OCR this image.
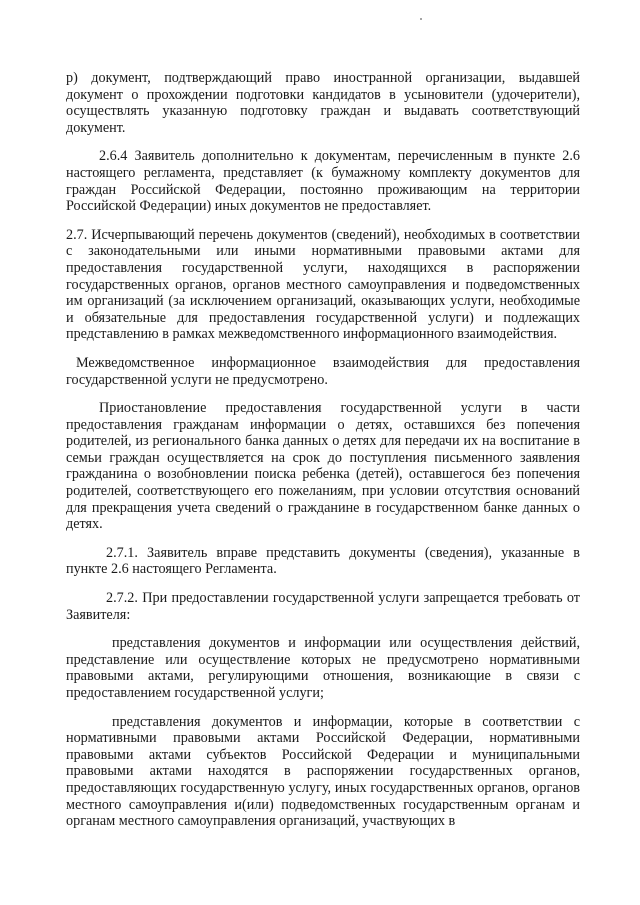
р) документ, подтверждающий право иностранной организации, выдавшей документ о прохождении подготовки кандидатов в усыновители (удочерители), осуществлять указанную подготовку граждан и выдавать соответствующий документ.

2.6.4 Заявитель дополнительно к документам, перечисленным в пункте 2.6 настоящего регламента, представляет (к бумажному комплекту документов для граждан Российской Федерации, постоянно проживающим на территории Российской Федерации) иных документов не предоставляет.

2.7. Исчерпывающий перечень документов (сведений), необходимых в соответствии с законодательными или иными нормативными правовыми актами для предоставления государственной услуги, находящихся в распоряжении государственных органов, органов местного самоуправления и подведомственных им организаций (за исключением организаций, оказывающих услуги, необходимые и обязательные для предоставления государственной услуги) и подлежащих представлению в рамках межведомственного информационного взаимодействия.

Межведомственное информационное взаимодействия для предоставления государственной услуги не предусмотрено.

Приостановление предоставления государственной услуги в части предоставления гражданам информации о детях, оставшихся без попечения родителей, из регионального банка данных о детях для передачи их на воспитание в семьи граждан осуществляется на срок до поступления письменного заявления гражданина о возобновлении поиска ребенка (детей), оставшегося без попечения родителей, соответствующего его пожеланиям, при условии отсутствия оснований для прекращения учета сведений о гражданине в государственном банке данных о детях.

2.7.1. Заявитель вправе представить документы (сведения), указанные в пункте 2.6 настоящего Регламента.

2.7.2. При предоставлении государственной услуги запрещается требовать от Заявителя:

представления документов и информации или осуществления действий, представление или осуществление которых не предусмотрено нормативными правовыми актами, регулирующими отношения, возникающие в связи с предоставлением государственной услуги;

представления документов и информации, которые в соответствии с нормативными правовыми актами Российской Федерации, нормативными правовыми актами субъектов Российской Федерации и муниципальными правовыми актами находятся в распоряжении государственных органов, предоставляющих государственную услугу, иных государственных органов, органов местного самоуправления и(или) подведомственных государственным органам и органам местного самоуправления организаций, участвующих в
